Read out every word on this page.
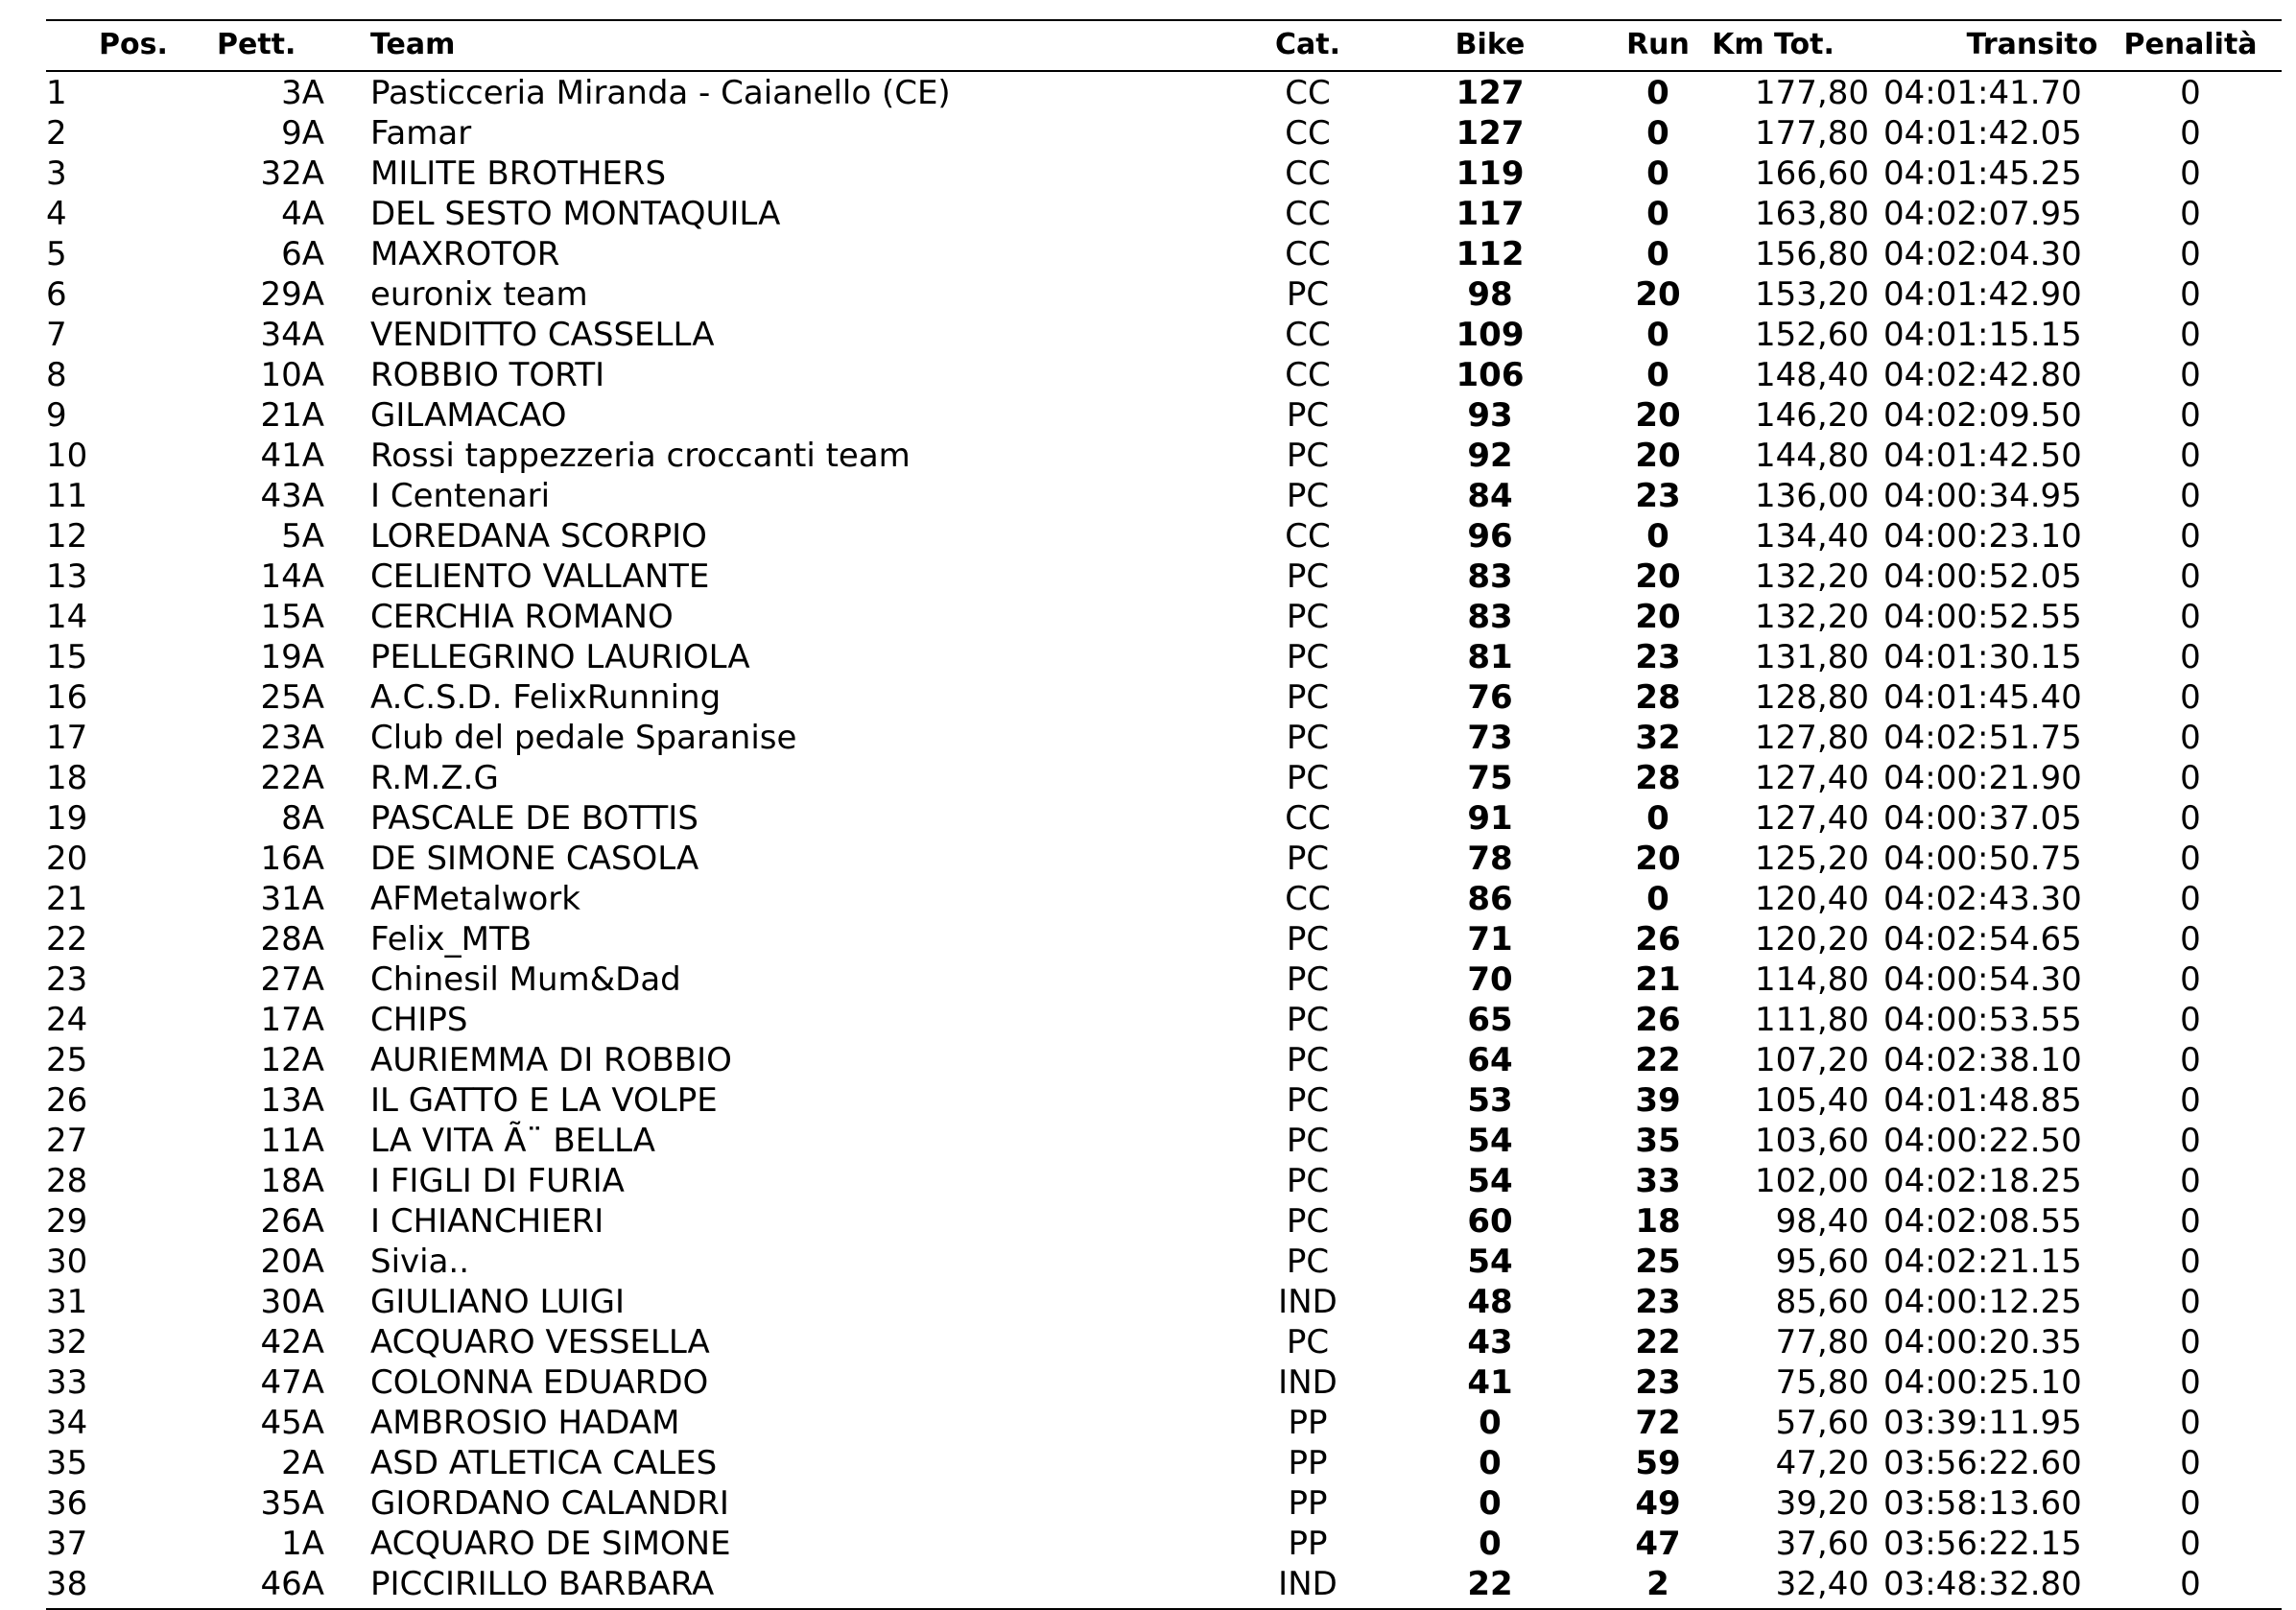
Pos.	Pett.	Team	Cat.	Bike	Run Km Tot.	Transito Penalità
1	3A Pasticceria Miranda - Caianello (CE)	CC	127	0	177,80 04:01:41.70	0
2	9A Famar	CC	127	0	177,80 04:01:42.05	0
3	32A MILITE BROTHERS	CC	119	0	166,60 04:01:45.25	0
4	4A DEL SESTO MONTAQUILA	CC	117	0	163,80 04:02:07.95	0
5	6A MAXROTOR	CC	112	0	156,80 04:02:04.30	0
6	29A euronix team	PC	98	20	153,20 04:01:42.90	0
7	34A VENDITTO CASSELLA	CC	109	0	152,60 04:01:15.15	0
8	10A ROBBIO TORTI	CC	106	0	148,40 04:02:42.80	0
9	21A GILAMACAO	PC	93	20	146,20 04:02:09.50	0
10	41A Rossi tappezzeria croccanti team	PC	92	20	144,80 04:01:42.50	0
11	43A I Centenari	PC	84	23	136,00 04:00:34.95	0
12	5A LOREDANA SCORPIO	CC	96	0	134,40 04:00:23.10	0
13	14A CELIENTO VALLANTE	PC	83	20	132,20 04:00:52.05	0
14	15A CERCHIA ROMANO	PC	83	20	132,20 04:00:52.55	0
15	19A PELLEGRINO LAURIOLA	PC	81	23	131,80 04:01:30.15	0
16	25A A.C.S.D. FelixRunning	PC	76	28	128,80 04:01:45.40	0
17	23A Club del pedale Sparanise	PC	73	32	127,80 04:02:51.75	0
18	22A R.M.Z.G	PC	75	28	127,40 04:00:21.90	0
19	8A PASCALE DE BOTTIS	CC	91	0	127,40 04:00:37.05	0
20	16A DE SIMONE CASOLA	PC	78	20	125,20 04:00:50.75	0
21	31A AFMetalwork	CC	86	0	120,40 04:02:43.30	0
22	28A Felix_MTB	PC	71	26	120,20 04:02:54.65	0
23	27A Chinesil Mum&Dad	PC	70	21	114,80 04:00:54.30	0
24	17A CHIPS	PC	65	26	111,80 04:00:53.55	0
25	12A AURIEMMA DI ROBBIO	PC	64	22	107,20 04:02:38.10	0
26	13A IL GATTO E LA VOLPE	PC	53	39	105,40 04:01:48.85	0
27	11A LA VITA Ã¨ BELLA	PC	54	35	103,60 04:00:22.50	0
28	18A I FIGLI DI FURIA	PC	54	33	102,00 04:02:18.25	0
29	26A I CHIANCHIERI	PC	60	18	98,40 04:02:08.55	0
30	20A Sivia..	PC	54	25	95,60 04:02:21.15	0
31	30A GIULIANO LUIGI	IND	48	23	85,60 04:00:12.25	0
32	42A ACQUARO VESSELLA	PC	43	22	77,80 04:00:20.35	0
33	47A COLONNA EDUARDO	IND	41	23	75,80 04:00:25.10	0
34	45A AMBROSIO HADAM	PP	0	72	57,60 03:39:11.95	0
35	2A ASD ATLETICA CALES	PP	0	59	47,20 03:56:22.60	0
36	35A GIORDANO CALANDRI	PP	0	49	39,20 03:58:13.60	0
37	1A ACQUARO DE SIMONE	PP	0	47	37,60 03:56:22.15	0
38	46A PICCIRILLO BARBARA	IND	22	2	32,40 03:48:32.80	0
